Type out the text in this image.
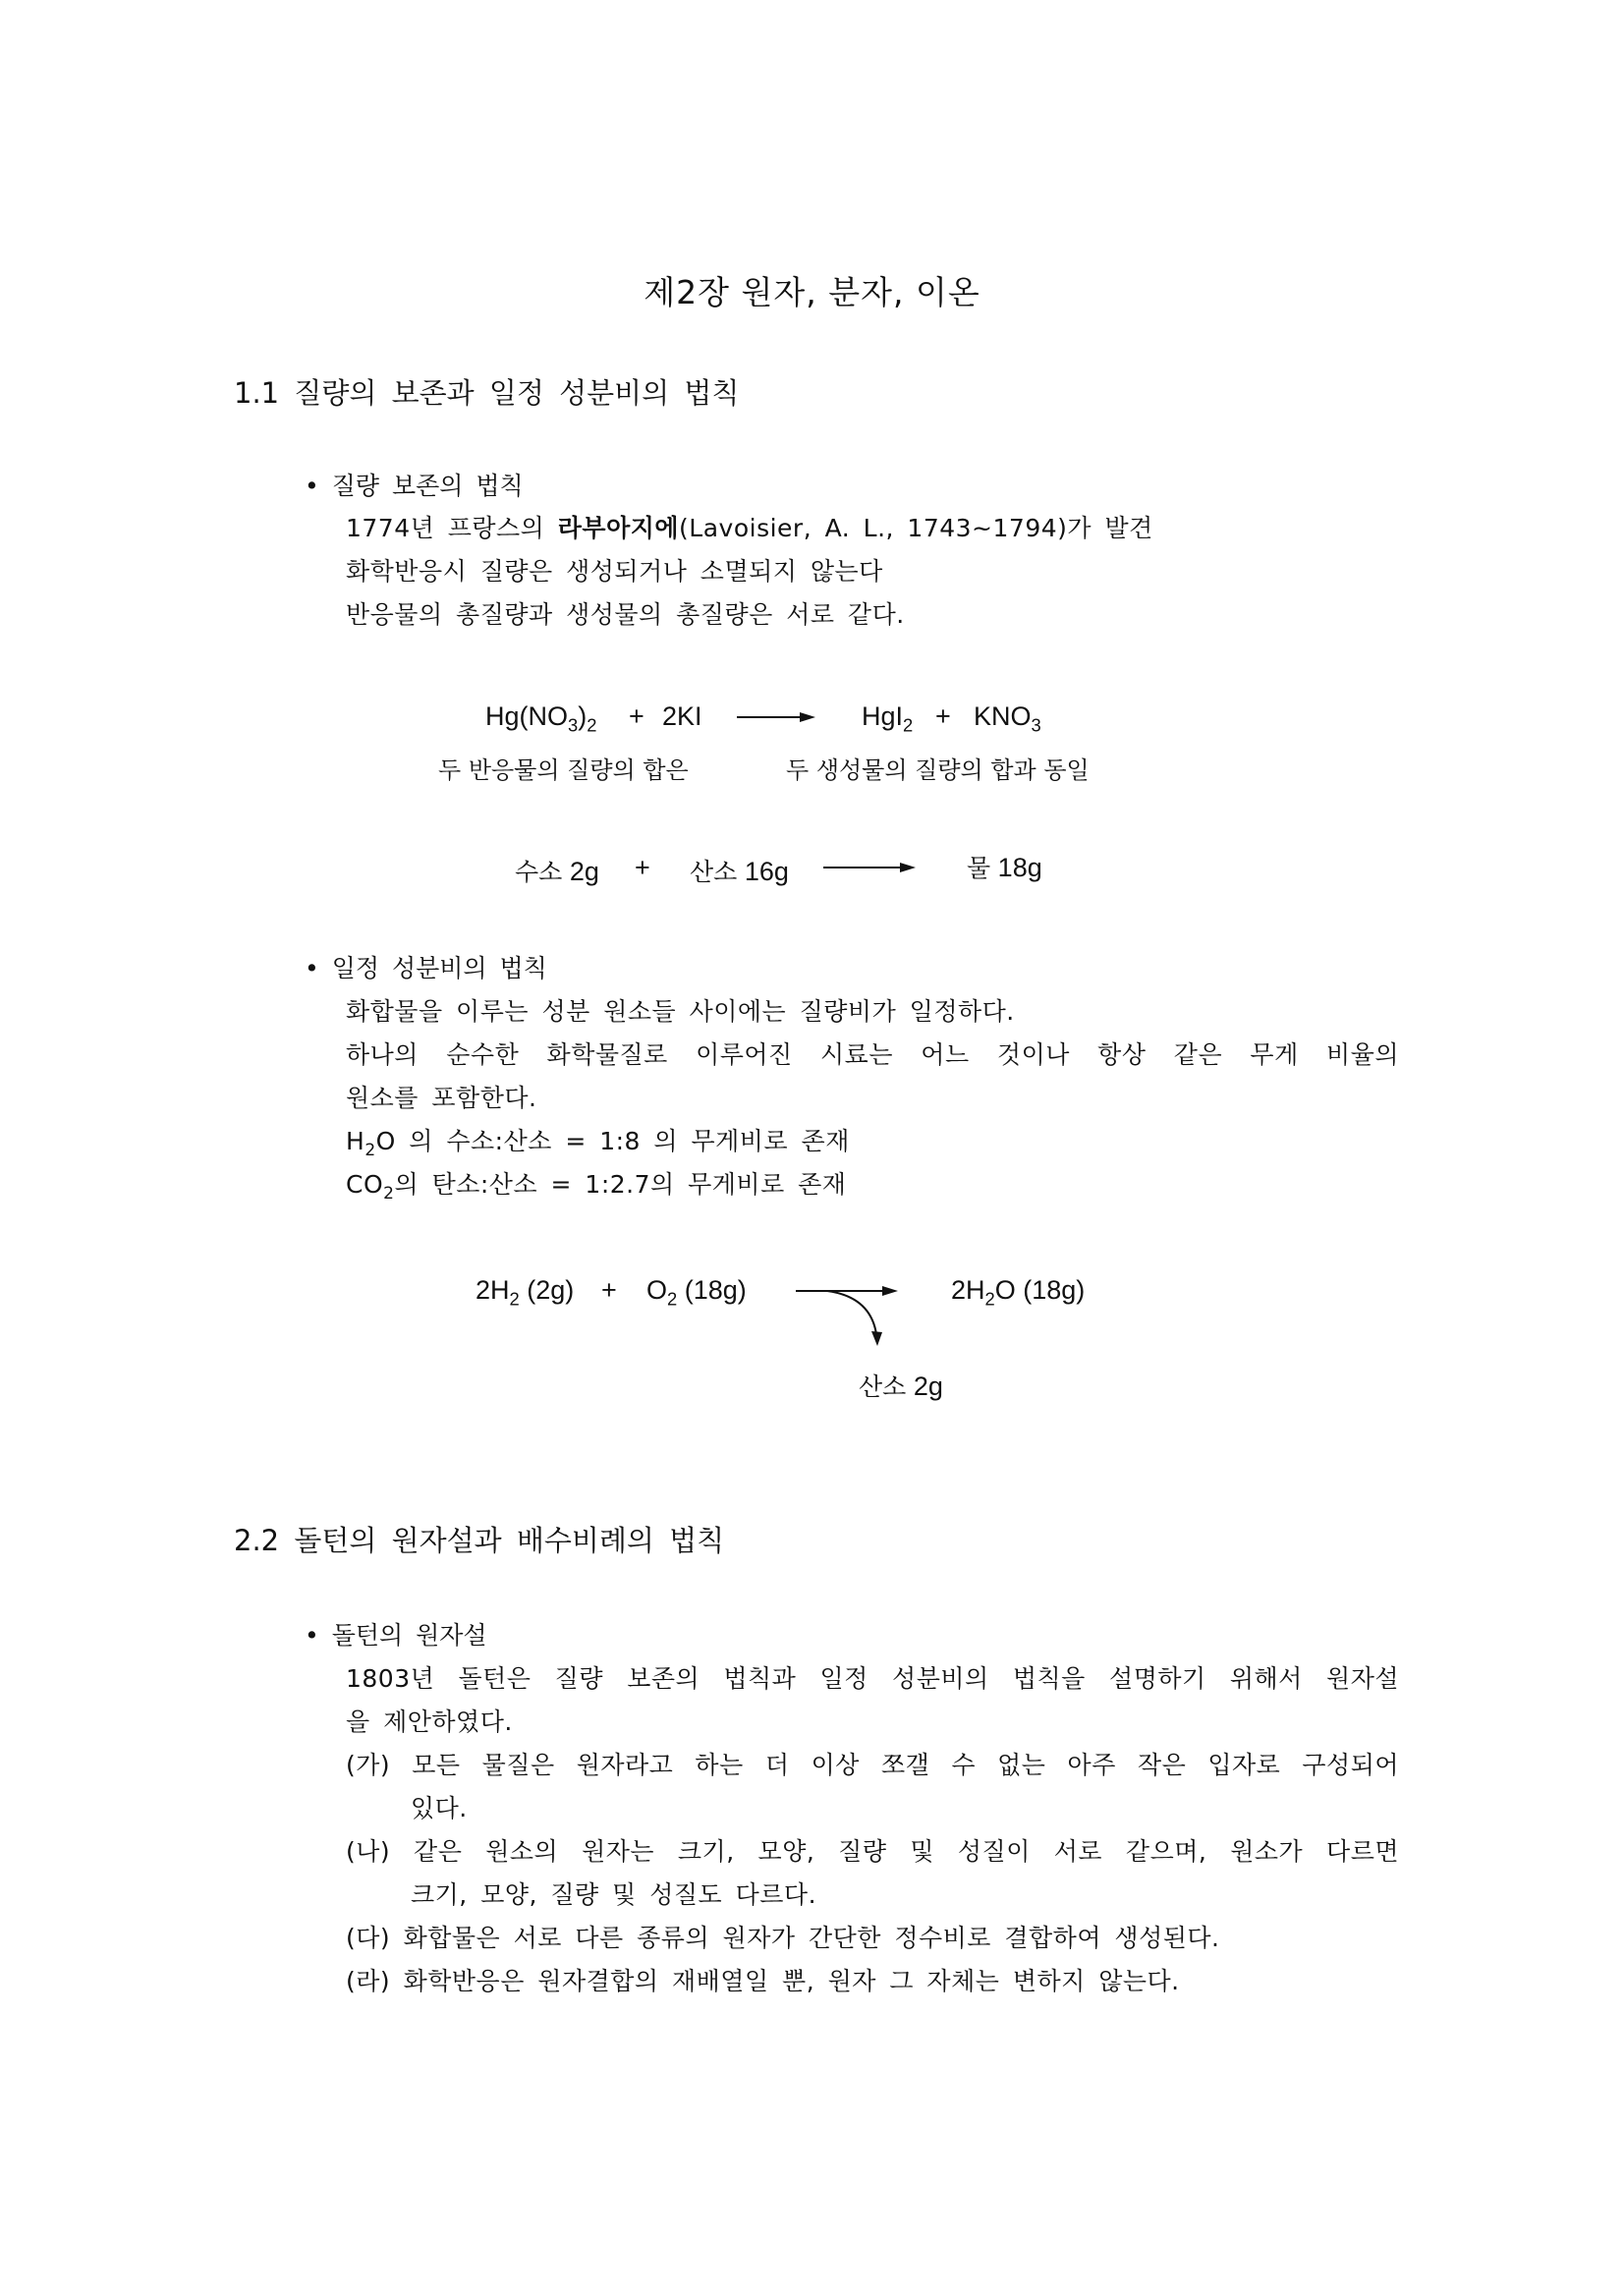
제2장 원자, 분자, 이온
1.1 질량의 보존과 일정 성분비의 법칙
• 질량 보존의 법칙
1774년 프랑스의 라부아지에(Lavoisier, A. L., 1743~1794)가 발견
화학반응시 질량은 생성되거나 소멸되지 않는다
반응물의 총질량과 생성물의 총질량은 서로 같다.
$Hg(NO_3)_2 + 2KI$	$HgI_2 + KNO_3$
두 반응물의 질량의 합은	두 생성물의 질량의 합과 동일
수소 2g + 산소 16g	물 18g
• 일정 성분비의 법칙
화합물을 이루는 성분 원소들 사이에는 질량비가 일정하다.
하나의 순수한 화학물질로 이루어진 시료는 어느 것이나 항상 같은 무게 비율의
원소를 포함한다.
$H_2O$ 의 수소:산소 = 1:8 의 무게비로 존재
$CO_2$의 탄소:산소 = 1:2.7의 무게비로 존재
$2H_2$ $(2g) + O_2$ (18g)	$2H_2O$ (18g)
산소 2g
2.2 돌턴의 원자설과 배수비례의 법칙
• 돌턴의 원자설
1803년 돌턴은 질량 보존의 법칙과 일정 성분비의 법칙을 설명하기 위해서 원자설
을 제안하였다.
(가) 모든 물질은 원자라고 하는 더 이상 쪼갤 수 없는 아주 작은 입자로 구성되어
있다.
(나) 같은 원소의 원자는 크기, 모양, 질량 및 성질이 서로 같으며, 원소가 다르면
크기, 모양, 질량 및 성질도 다르다.
(다) 화합물은 서로 다른 종류의 원자가 간단한 정수비로 결합하여 생성된다.
(라) 화학반응은 원자결합의 재배열일 뿐, 원자 그 자체는 변하지 않는다.
